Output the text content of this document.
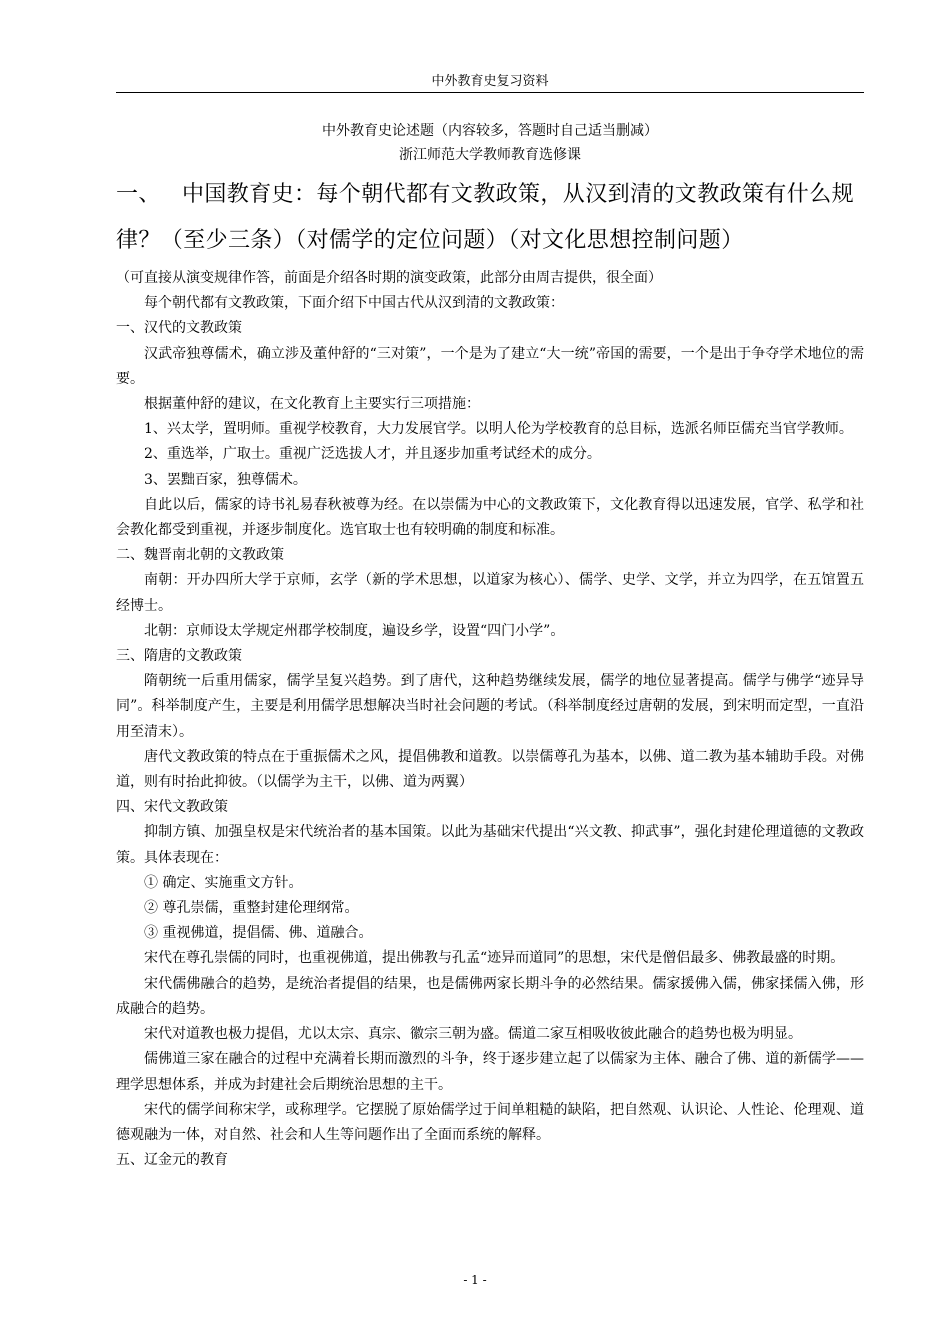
中外教育史复习资料
中外教育史论述题（内容较多，答题时自己适当删减）
浙江师范大学教师教育选修课
一、 中国教育史：每个朝代都有文教政策，从汉到清的文教政策有什么规律？（至少三条）（对儒学的定位问题）（对文化思想控制问题）

（可直接从演变规律作答，前面是介绍各时期的演变政策，此部分由周吉提供，很全面）

每个朝代都有文教政策，下面介绍下中国古代从汉到清的文教政策：

一、汉代的文教政策

汉武帝独尊儒术，确立涉及董仲舒的“三对策”，一个是为了建立“大一统”帝国的需要，一个是出于争夺学术地位的需要。

根据董仲舒的建议，在文化教育上主要实行三项措施：

1、兴太学，置明师。重视学校教育，大力发展官学。以明人伦为学校教育的总目标，选派名师臣儒充当官学教师。

2、重选举，广取士。重视广泛选拔人才，并且逐步加重考试经术的成分。

3、罢黜百家，独尊儒术。

自此以后，儒家的诗书礼易春秋被尊为经。在以崇儒为中心的文教政策下，文化教育得以迅速发展，官学、私学和社会教化都受到重视，并逐步制度化。选官取士也有较明确的制度和标准。

二、魏晋南北朝的文教政策

南朝：开办四所大学于京师，玄学（新的学术思想，以道家为核心）、儒学、史学、文学，并立为四学，在五馆置五经博士。

北朝：京师设太学规定州郡学校制度，遍设乡学，设置“四门小学”。

三、隋唐的文教政策

隋朝统一后重用儒家，儒学呈复兴趋势。到了唐代，这种趋势继续发展，儒学的地位显著提高。儒学与佛学“迹异导同”。科举制度产生，主要是利用儒学思想解决当时社会问题的考试。（科举制度经过唐朝的发展，到宋明而定型，一直沿用至清末）。

唐代文教政策的特点在于重振儒术之风，提倡佛教和道教。以崇儒尊孔为基本，以佛、道二教为基本辅助手段。对佛道，则有时抬此抑彼。（以儒学为主干，以佛、道为两翼）

四、宋代文教政策

抑制方镇、加强皇权是宋代统治者的基本国策。以此为基础宋代提出“兴文教、抑武事”，强化封建伦理道德的文教政策。具体表现在：

① 确定、实施重文方针。

② 尊孔崇儒，重整封建伦理纲常。

③ 重视佛道，提倡儒、佛、道融合。

宋代在尊孔崇儒的同时，也重视佛道，提出佛教与孔孟“迹异而道同”的思想，宋代是僧侣最多、佛教最盛的时期。

宋代儒佛融合的趋势，是统治者提倡的结果，也是儒佛两家长期斗争的必然结果。儒家援佛入儒，佛家揉儒入佛，形成融合的趋势。

宋代对道教也极力提倡，尤以太宗、真宗、徽宗三朝为盛。儒道二家互相吸收彼此融合的趋势也极为明显。

儒佛道三家在融合的过程中充满着长期而激烈的斗争，终于逐步建立起了以儒家为主体、融合了佛、道的新儒学——理学思想体系，并成为封建社会后期统治思想的主干。

宋代的儒学间称宋学，或称理学。它摆脱了原始儒学过于间单粗糙的缺陷，把自然观、认识论、人性论、伦理观、道德观融为一体，对自然、社会和人生等问题作出了全面而系统的解释。

五、辽金元的教育

- 1 -
